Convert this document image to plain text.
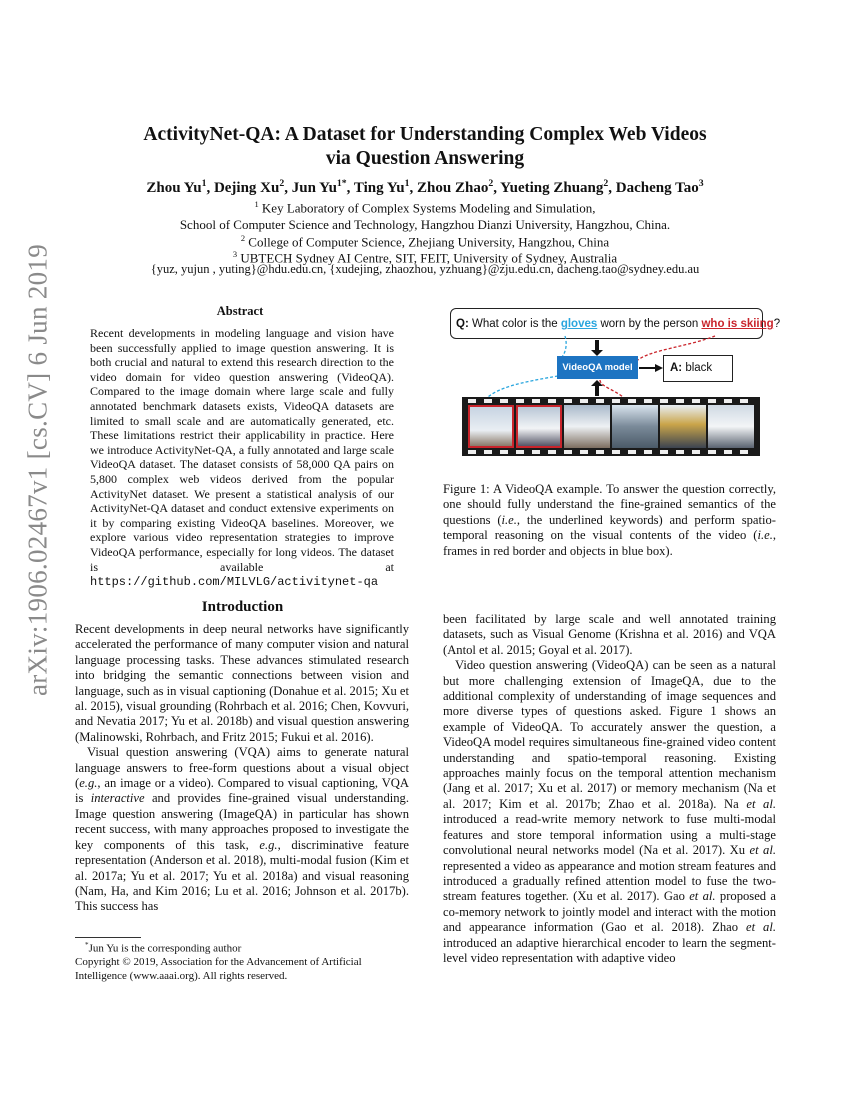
arXiv:1906.02467v1 [cs.CV] 6 Jun 2019
ActivityNet-QA: A Dataset for Understanding Complex Web Videos
via Question Answering
Zhou Yu$^1$, Dejing Xu$^2$, Jun $Yu^{1*}$, Ting Yu$^1$, Zhou Zhao$^2$, Yueting Zhuang$^2$, Dacheng Tao$^3$
$^1$ Key Laboratory of Complex Systems Modeling and Simulation,
School of Computer Science and Technology, Hangzhou Dianzi University, Hangzhou, China.
$^2$ College of Computer Science, Zhejiang University, Hangzhou, China
$^3$ UBTECH Sydney AI Centre, SIT, FEIT, University of Sydney, Australia
{yuz, yujun , yuting}@hdu.edu.cn, {xudejing, zhaozhou, yzhuang}@zju.edu.cn, dacheng.tao@sydney.edu.au
Abstract
Recent developments in modeling language and vision have been successfully applied to image question answering. It is both crucial and natural to extend this research direction to the video domain for video question answering (VideoQA). Compared to the image domain where large scale and fully annotated benchmark datasets exists, VideoQA datasets are limited to small scale and are automatically generated, etc. These limitations restrict their applicability in practice. Here we introduce ActivityNet-QA, a fully annotated and large scale VideoQA dataset. The dataset consists of 58,000 QA pairs on 5,800 complex web videos derived from the popular ActivityNet dataset. We present a statistical analysis of our ActivityNet-QA dataset and conduct extensive experiments on it by comparing existing VideoQA baselines. Moreover, we explore various video representation strategies to improve VideoQA performance, especially for long videos. The dataset is available at https://github.com/MILVLG/activitynet-qa
Q: What color is the gloves worn by the person who is skiing?
VideoQA model	A: black
Figure 1: A VideoQA example. To answer the question correctly, one should fully understand the fine-grained semantics of the questions (i.e., the underlined keywords) and perform spatio-temporal reasoning on the visual contents of the video (i.e., frames in red border and objects in blue box).
Introduction

Recent developments in deep neural networks have significantly accelerated the performance of many computer vision and natural language processing tasks. These advances stimulated research into bridging the semantic connections between vision and language, such as in visual captioning (Donahue et al. 2015; Xu et al. 2015), visual grounding (Rohrbach et al. 2016; Chen, Kovvuri, and Nevatia 2017; Yu et al. 2018b) and visual question answering (Malinowski, Rohrbach, and Fritz 2015; Fukui et al. 2016).

Visual question answering (VQA) aims to generate natural language answers to free-form questions about a visual object (e.g., an image or a video). Compared to visual captioning, VQA is interactive and provides fine-grained visual understanding. Image question answering (ImageQA) in particular has shown recent success, with many approaches proposed to investigate the key components of this task, e.g., discriminative feature representation (Anderson et al. 2018), multi-modal fusion (Kim et al. 2017a; Yu et al. 2017; Yu et al. 2018a) and visual reasoning (Nam, Ha, and Kim 2016; Lu et al. 2016; Johnson et al. 2017b). This success has

*Jun Yu is the corresponding author
Copyright © 2019, Association for the Advancement of Artificial Intelligence (www.aaai.org). All rights reserved.

been facilitated by large scale and well annotated training datasets, such as Visual Genome (Krishna et al. 2016) and VQA (Antol et al. 2015; Goyal et al. 2017).

Video question answering (VideoQA) can be seen as a natural but more challenging extension of ImageQA, due to the additional complexity of understanding of image sequences and more diverse types of questions asked. Figure 1 shows an example of VideoQA. To accurately answer the question, a VideoQA model requires simultaneous fine-grained video content understanding and spatio-temporal reasoning. Existing approaches mainly focus on the temporal attention mechanism (Jang et al. 2017; Xu et al. 2017) or memory mechanism (Na et al. 2017; Kim et al. 2017b; Zhao et al. 2018a). Na et al. introduced a read-write memory network to fuse multi-modal features and store temporal information using a multi-stage convolutional neural networks model (Na et al. 2017). Xu et al. represented a video as appearance and motion stream features and introduced a gradually refined attention model to fuse the two-stream features together. (Xu et al. 2017). Gao et al. proposed a co-memory network to jointly model and interact with the motion and appearance information (Gao et al. 2018). Zhao et al. introduced an adaptive hierarchical encoder to learn the segment-level video representation with adaptive video
